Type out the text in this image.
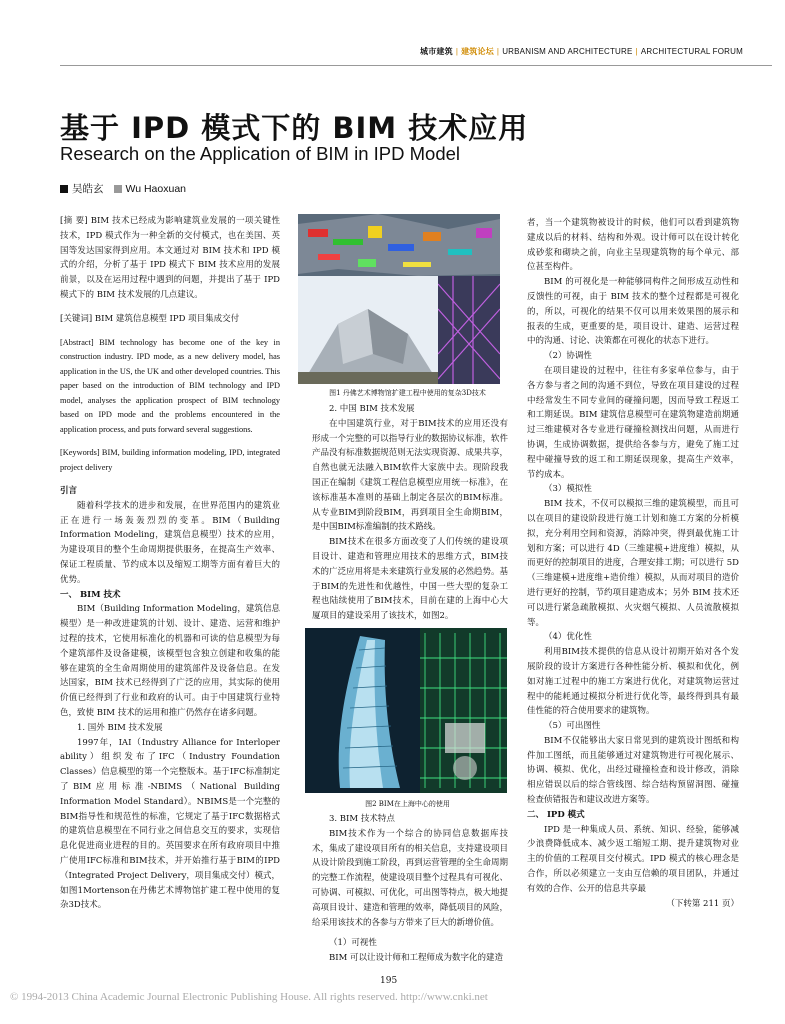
城市建筑 | 建筑论坛 | URBANISM AND ARCHITECTURE | ARCHITECTURAL FORUM
基于 IPD 模式下的 BIM 技术应用
Research on the Application of BIM in IPD Model
吴皓玄 Wu Haoxuan

[摘 要] BIM 技术已经成为影响建筑业发展的一项关键性技术，IPD 模式作为一种全新的交付模式，也在美国、英国等发达国家得到应用。本文通过对 BIM 技术和 IPD 模式的介绍，分析了基于 IPD 模式下 BIM 技术应用的发展前景，以及在运用过程中遇到的问题，并提出了基于 IPD 模式下的 BIM 技术发展的几点建议。

[关键词] BIM 建筑信息模型 IPD 项目集成交付

[Abstract] BIM technology has become one of the key in construction industry. IPD mode, as a new delivery model, has application in the US, the UK and other developed countries. This paper based on the introduction of BIM technology and IPD model, analyses the application prospect of BIM technology based on IPD mode and the problems encountered in the application process, and puts forward several suggestions.

[Keywords] BIM, building information modeling, IPD, integrated project delivery

引言

随着科学技术的进步和发展，在世界范围内的建筑业正在进行一场轰轰烈烈的变革。BIM（Building Information Modeling，建筑信息模型）技术的应用，为建设项目的整个生命周期提供服务，在提高生产效率、保证工程质量、节约成本以及缩短工期等方面有着巨大的优势。

一、 BIM 技术

BIM（Building Information Modeling，建筑信息模型）是一种改进建筑的计划、设计、建造、运营和维护过程的技术，它使用标准化的机器和可读的信息模型为每个建筑部件及设备建模，该模型包含独立创建和收集的能够在建筑的全生命周期使用的建筑部件及设备信息。在发达国家，BIM 技术已经得到了广泛的应用，其实际的使用价值已经得到了行业和政府的认可。由于中国建筑行业特色，致使 BIM 技术的运用和推广仍然存在诸多问题。

1. 国外 BIM 技术发展

1997年，IAI（Industry Alliance for Interloper ability）组织发布了IFC（Industry Foundation Classes）信息模型的第一个完整版本。基于IFC标准制定了BIM应用标准-NBIMS（National Building Information Model Standard）。NBIMS是一个完整的BIM指导性和规范性的标准，它规定了基于IFC数据格式的建筑信息模型在不同行业之间信息交互的要求，实现信息化促进商业进程的目的。英国要求在所有政府项目中推广使用IFC标准和BIM技术，并开始推行基于BIM的IPD（Integrated Project Delivery，项目集成交付）模式，如图1Mortenson在丹佛艺术博物馆扩建工程中使用的复杂3D技术。

图1 丹佛艺术博物馆扩建工程中使用的复杂3D技术

2. 中国 BIM 技术发展

在中国建筑行业，对于BIM技术的应用还没有形成一个完整的可以指导行业的数据协议标准，软件产品没有标准数据规范则无法实现资源、成果共享，自然也就无法融入BIM软件大家族中去。现阶段我国正在编制《建筑工程信息模型应用统一标准》，在该标准基本准则的基础上制定各层次的BIM标准。从专业BIM到阶段BIM，再到项目全生命期BIM，是中国BIM标准编制的技术路线。

BIM技术在很多方面改变了人们传统的建设项目设计、建造和管理应用技术的思维方式，BIM技术的广泛应用将是未来建筑行业发展的必然趋势。基于BIM的先进性和优越性，中国一些大型的复杂工程也陆续使用了BIM技术，目前在建的上海中心大厦项目的建设采用了该技术，如图2。

图2 BIM在上海中心的使用

3. BIM 技术特点

BIM技术作为一个综合的协同信息数据库技术，集成了建设项目所有的相关信息，支持建设项目从设计阶段到施工阶段，再到运营管理的全生命周期的完整工作流程，使建设项目整个过程具有可视化、可协调、可模拟、可优化，可出图等特点，极大地提高项目设计、建造和管理的效率，降低项目的风险，给采用该技术的各参与方带来了巨大的新增价值。

（1）可视性

BIM 可以让设计师和工程师成为数字化的建造

者，当一个建筑物被设计的时候，他们可以看到建筑物建成以后的材料、结构和外观。设计师可以在设计转化成砂浆和砌块之前，向业主呈现建筑物的每个单元、部位甚至构件。

BIM 的可视化是一种能够同构件之间形成互动性和反馈性的可视，由于 BIM 技术的整个过程都是可视化的，所以，可视化的结果不仅可以用来效果图的展示和报表的生成，更重要的是，项目设计、建造、运营过程中的沟通、讨论、决策都在可视化的状态下进行。

（2）协调性

在项目建设的过程中，往往有多家单位参与，由于各方参与者之间的沟通不到位，导致在项目建设的过程中经常发生不同专业间的碰撞问题，因而导致工程返工和工期延误。BIM 建筑信息模型可在建筑物建造前期通过三维建模对各专业进行碰撞检测找出问题，从而进行协调，生成协调数据，提供给各参与方，避免了施工过程中碰撞导致的返工和工期延误现象，提高生产效率，节约成本。

（3）模拟性

BIM 技术，不仅可以模拟三维的建筑模型，而且可以在项目的建设阶段进行施工计划和施工方案的分析模拟，充分利用空间和资源，消除冲突，得到最优施工计划和方案；可以进行 4D（三维建模+进度维）模拟，从而更好的控制项目的进度，合理安排工期；可以进行 5D（三维建模+进度维+造价维）模拟，从而对项目的造价进行更好的控制，节约项目建造成本；另外 BIM 技术还可以进行紧急疏散模拟、火灾烟气模拟、人员流散模拟等。

（4）优化性

利用BIM技术提供的信息从设计初期开始对各个发展阶段的设计方案进行各种性能分析、模拟和优化，例如对施工过程中的施工方案进行优化，对建筑物运营过程中的能耗通过模拟分析进行优化等，最终得到具有最佳性能的符合使用要求的建筑物。

（5）可出图性

BIM不仅能够出大家日常见到的建筑设计图纸和构件加工图纸，而且能够通过对建筑物进行可视化展示、协调、模拟、优化，出经过碰撞检查和设计修改，消除相应错误以后的综合管线图、综合结构预留洞图、碰撞检查侦错报告和建议改进方案等。

二、 IPD 模式

IPD 是一种集成人员、系统、知识、经验，能够减少浪费降低成本、减少返工缩短工期、提升建筑物对业主的价值的工程项目交付模式。IPD 模式的核心理念是合作，所以必须建立一支由互信赖的项目团队，并通过有效的合作、公开的信息共享最

（下转第 211 页）

195
© 1994-2013 China Academic Journal Electronic Publishing House. All rights reserved. http://www.cnki.net
